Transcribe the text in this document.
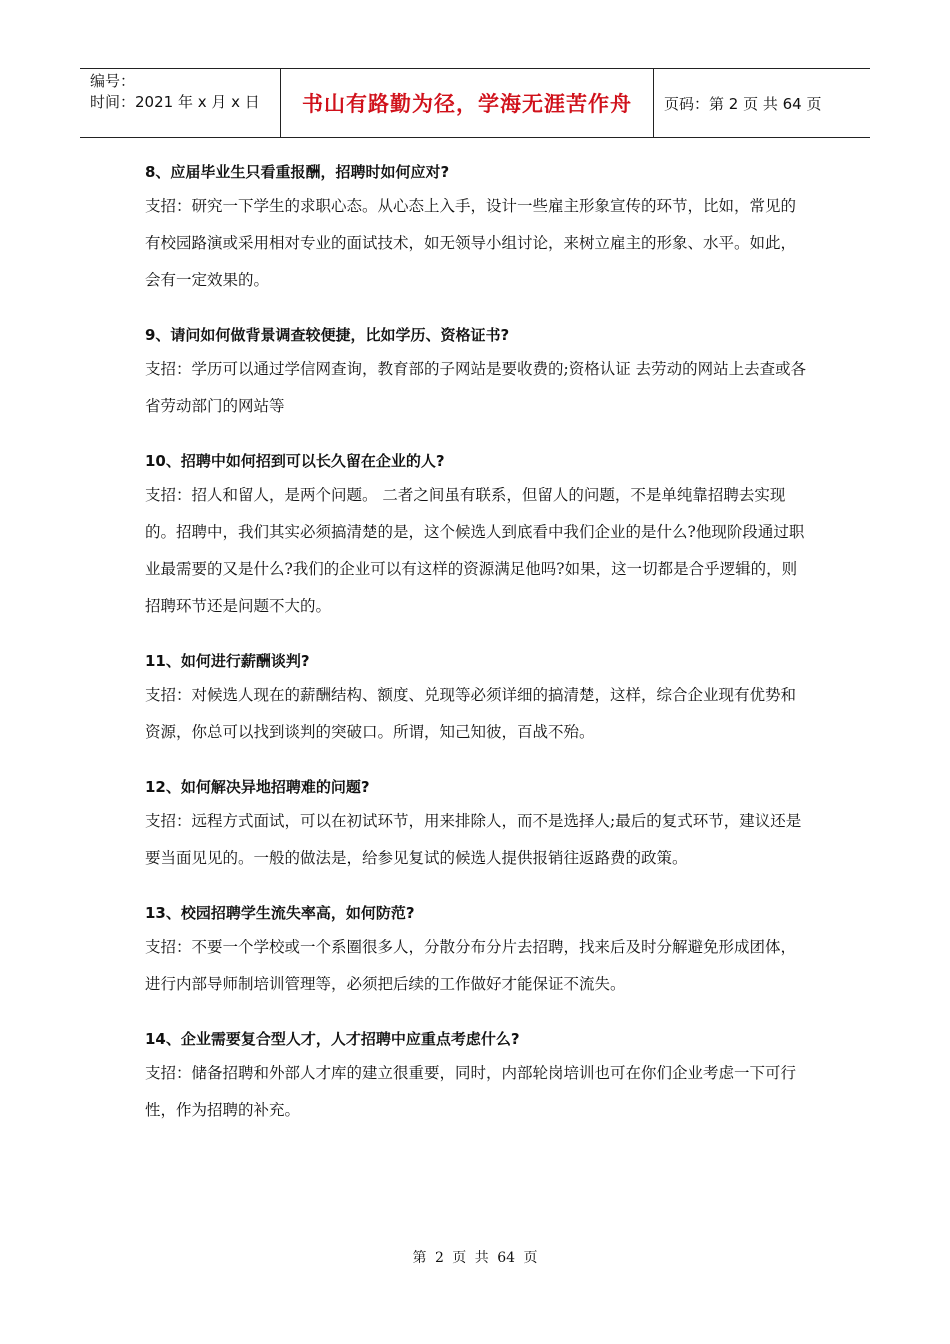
编号：
时间：2021 年 x 月 x 日	书山有路勤为径，学海无涯苦作舟	页码：第 2 页 共 64 页

8、应届毕业生只看重报酬，招聘时如何应对?

支招：研究一下学生的求职心态。从心态上入手，设计一些雇主形象宣传的环节，比如，常见的有校园路演或采用相对专业的面试技术，如无领导小组讨论，来树立雇主的形象、水平。如此，会有一定效果的。

9、请问如何做背景调查较便捷，比如学历、资格证书?

支招：学历可以通过学信网查询，教育部的子网站是要收费的;资格认证 去劳动的网站上去查或各省劳动部门的网站等

10、招聘中如何招到可以长久留在企业的人?

支招：招人和留人，是两个问题。 二者之间虽有联系，但留人的问题，不是单纯靠招聘去实现的。招聘中，我们其实必须搞清楚的是，这个候选人到底看中我们企业的是什么?他现阶段通过职业最需要的又是什么?我们的企业可以有这样的资源满足他吗?如果，这一切都是合乎逻辑的，则招聘环节还是问题不大的。

11、如何进行薪酬谈判?

支招：对候选人现在的薪酬结构、额度、兑现等必须详细的搞清楚，这样，综合企业现有优势和资源，你总可以找到谈判的突破口。所谓，知己知彼，百战不殆。

12、如何解决异地招聘难的问题?

支招：远程方式面试，可以在初试环节，用来排除人，而不是选择人;最后的复式环节，建议还是要当面见见的。一般的做法是，给参见复试的候选人提供报销往返路费的政策。

13、校园招聘学生流失率高，如何防范?

支招：不要一个学校或一个系圈很多人，分散分布分片去招聘，找来后及时分解避免形成团体，进行内部导师制培训管理等，必须把后续的工作做好才能保证不流失。

14、企业需要复合型人才，人才招聘中应重点考虑什么?

支招：储备招聘和外部人才库的建立很重要，同时，内部轮岗培训也可在你们企业考虑一下可行性，作为招聘的补充。

第 2 页 共 64 页
